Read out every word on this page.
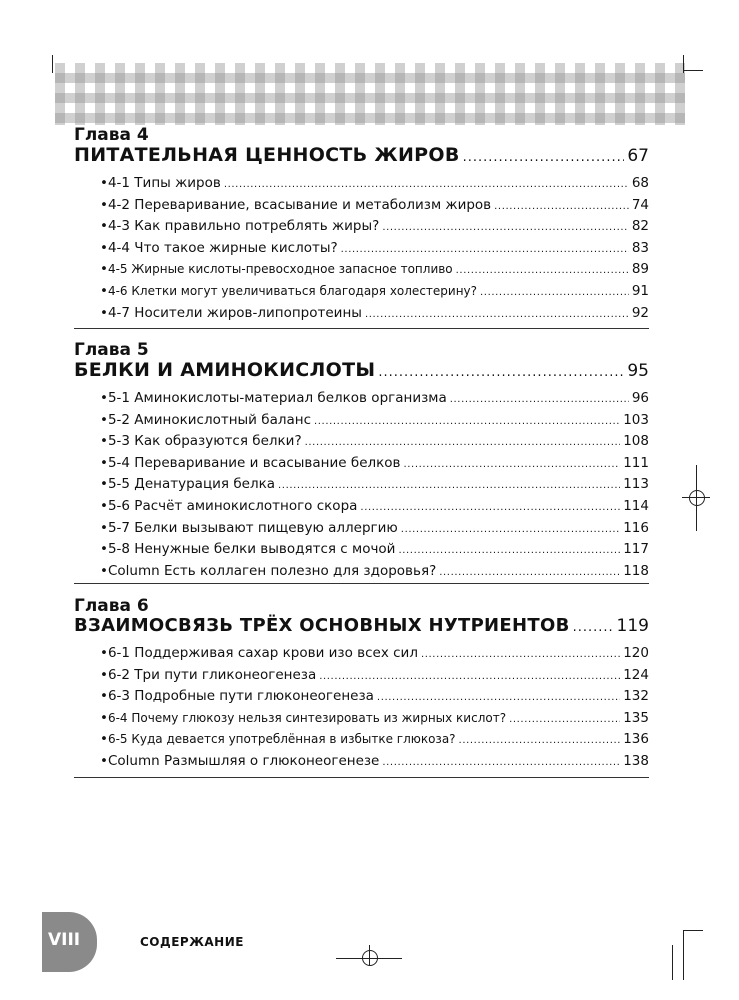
Глава 4
ПИТАТЕЛЬНАЯ ЦЕННОСТЬ ЖИРОВ .....	67
• 4-1 Типы жиров .....	68
• 4-2 Переваривание, всасывание и метаболизм жиров .....	74
• 4-3 Как правильно потреблять жиры? .....	82
• 4-4 Что такое жирные кислоты? .....	83
• 4-5 Жирные кислоты-превосходное запасное топливо .....	89
• 4-6 Клетки могут увеличиваться благодаря холестерину? .....	91
• 4-7 Носители жиров-липопротеины .....	92
Глава 5
БЕЛКИ И АМИНОКИСЛОТЫ .....	95
• 5-1 Аминокислоты-материал белков организма .....	96
• 5-2 Аминокислотный баланс .....	103
• 5-3 Как образуются белки? .....	108
• 5-4 Переваривание и всасывание белков .....	111
• 5-5 Денатурация белка .....	113
• 5-6 Расчёт аминокислотного скора .....	114
• 5-7 Белки вызывают пищевую аллергию .....	116
• 5-8 Ненужные белки выводятся с мочой .....	117
• Column Есть коллаген полезно для здоровья? .....	118
Глава 6
ВЗАИМОСВЯЗЬ ТРЁХ ОСНОВНЫХ НУТРИЕНТОВ .....	119
• 6-1 Поддерживая сахар крови изо всех сил .....	120
• 6-2 Три пути гликонеогенеза .....	124
• 6-3 Подробные пути глюконеогенеза .....	132
• 6-4 Почему глюкозу нельзя синтезировать из жирных кислот? .....	135
• 6-5 Куда девается употреблённая в избытке глюкоза? .....	136
• Column Размышляя о глюконеогенезе .....	138
VIII	СОДЕРЖАНИЕ
